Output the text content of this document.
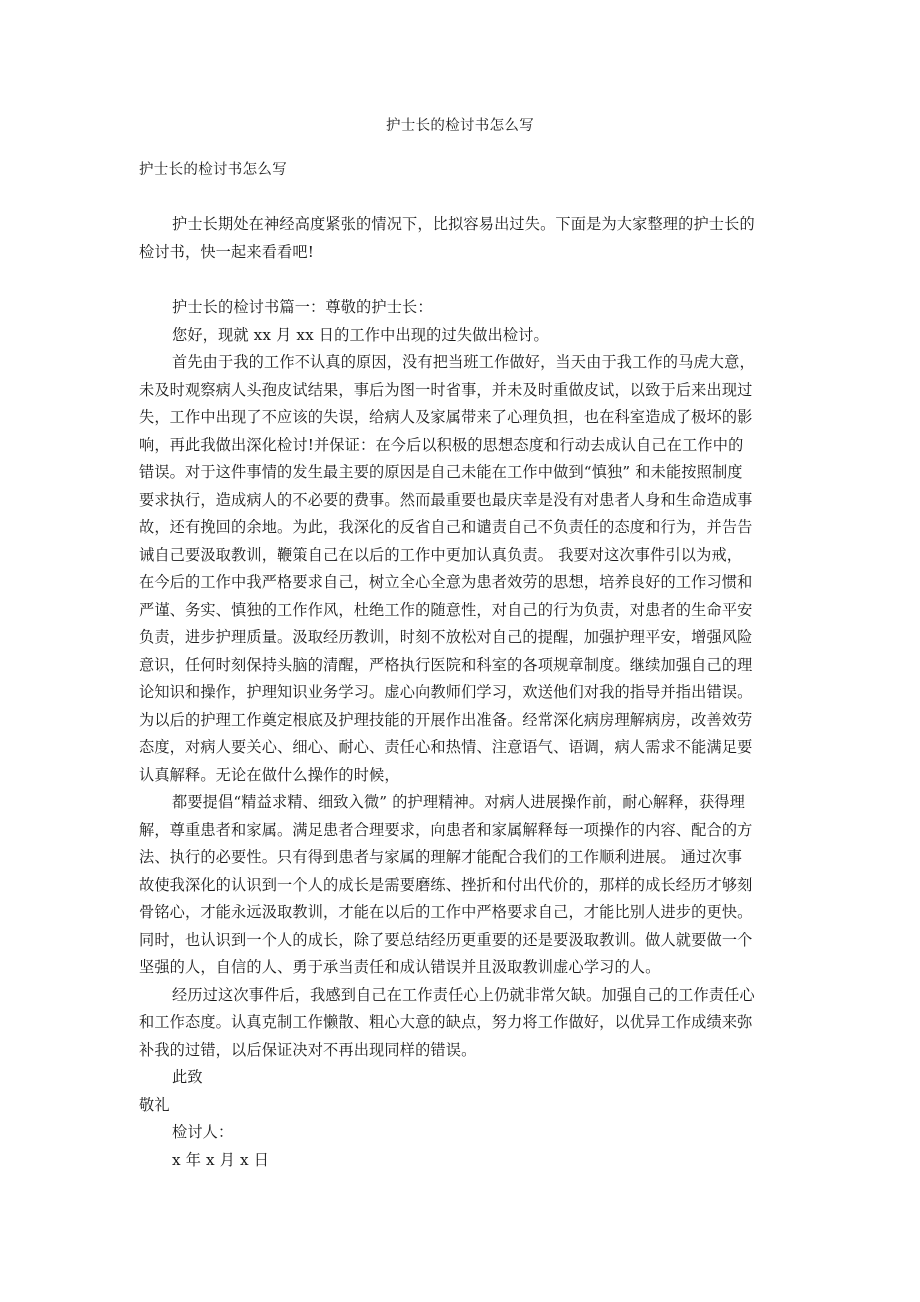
护士长的检讨书怎么写
护士长的检讨书怎么写
护士长期处在神经高度紧张的情况下，比拟容易出过失。下面是为大家整理的护士长的
检讨书，快一起来看看吧!
护士长的检讨书篇一：尊敬的护士长：
您好，现就 xx 月 xx 日的工作中出现的过失做出检讨。
首先由于我的工作不认真的原因，没有把当班工作做好，当天由于我工作的马虎大意，
未及时观察病人头孢皮试结果，事后为图一时省事，并未及时重做皮试，以致于后来出现过
失，工作中出现了不应该的失误，给病人及家属带来了心理负担，也在科室造成了极坏的影
响，再此我做出深化检讨!并保证：在今后以积极的思想态度和行动去成认自己在工作中的
错误。对于这件事情的发生最主要的原因是自己未能在工作中做到“慎独” 和未能按照制度
要求执行，造成病人的不必要的费事。然而最重要也最庆幸是没有对患者人身和生命造成事
故，还有挽回的余地。为此，我深化的反省自己和谴责自己不负责任的态度和行为，并告告
诫自己要汲取教训，鞭策自己在以后的工作中更加认真负责。 我要对这次事件引以为戒，
在今后的工作中我严格要求自己，树立全心全意为患者效劳的思想，培养良好的工作习惯和
严谨、务实、慎独的工作作风，杜绝工作的随意性，对自己的行为负责，对患者的生命平安
负责，进步护理质量。汲取经历教训，时刻不放松对自己的提醒，加强护理平安，增强风险
意识，任何时刻保持头脑的清醒，严格执行医院和科室的各项规章制度。继续加强自己的理
论知识和操作，护理知识业务学习。虚心向教师们学习，欢送他们对我的指导并指出错误。
为以后的护理工作奠定根底及护理技能的开展作出准备。经常深化病房理解病房，改善效劳
态度，对病人要关心、细心、耐心、责任心和热情、注意语气、语调，病人需求不能满足要
认真解释。无论在做什么操作的时候，
都要提倡“精益求精、细致入微” 的护理精神。对病人进展操作前，耐心解释，获得理
解，尊重患者和家属。满足患者合理要求，向患者和家属解释每一项操作的内容、配合的方
法、执行的必要性。只有得到患者与家属的理解才能配合我们的工作顺利进展。 通过次事
故使我深化的认识到一个人的成长是需要磨练、挫折和付出代价的，那样的成长经历才够刻
骨铭心，才能永远汲取教训，才能在以后的工作中严格要求自己，才能比别人进步的更快。
同时，也认识到一个人的成长，除了要总结经历更重要的还是要汲取教训。做人就要做一个
坚强的人，自信的人、勇于承当责任和成认错误并且汲取教训虚心学习的人。
经历过这次事件后，我感到自己在工作责任心上仍就非常欠缺。加强自己的工作责任心
和工作态度。认真克制工作懒散、粗心大意的缺点，努力将工作做好，以优异工作成绩来弥
补我的过错，以后保证决对不再出现同样的错误。
此致
敬礼
检讨人：
x 年 x 月 x 日
